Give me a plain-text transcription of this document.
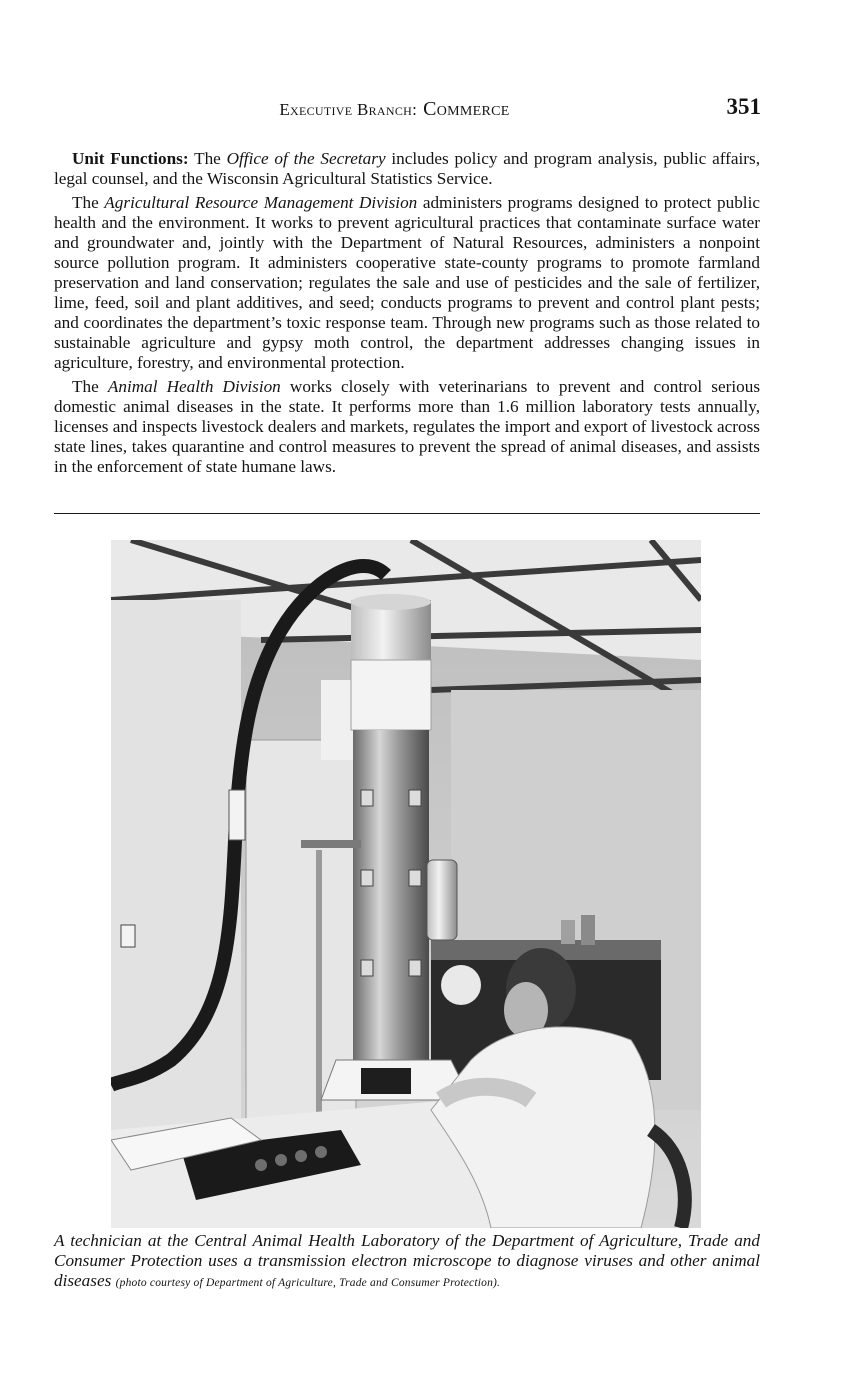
Executive Branch: Commerce	351

Unit Functions: The Office of the Secretary includes policy and program analysis, public affairs, legal counsel, and the Wisconsin Agricultural Statistics Service.

The Agricultural Resource Management Division administers programs designed to protect public health and the environment. It works to prevent agricultural practices that contaminate surface water and groundwater and, jointly with the Department of Natural Resources, administers a nonpoint source pollution program. It administers cooperative state-county programs to promote farmland preservation and land conservation; regulates the sale and use of pesticides and the sale of fertilizer, lime, feed, soil and plant additives, and seed; conducts programs to prevent and control plant pests; and coordinates the department’s toxic response team. Through new programs such as those related to sustainable agriculture and gypsy moth control, the department addresses changing issues in agriculture, forestry, and environmental protection.

The Animal Health Division works closely with veterinarians to prevent and control serious domestic animal diseases in the state. It performs more than 1.6 million laboratory tests annually, licenses and inspects livestock dealers and markets, regulates the import and export of livestock across state lines, takes quarantine and control measures to prevent the spread of animal diseases, and assists in the enforcement of state humane laws.

A technician at the Central Animal Health Laboratory of the Department of Agriculture, Trade and Consumer Protection uses a transmission electron microscope to diagnose viruses and other animal diseases (photo courtesy of Department of Agriculture, Trade and Consumer Protection).
